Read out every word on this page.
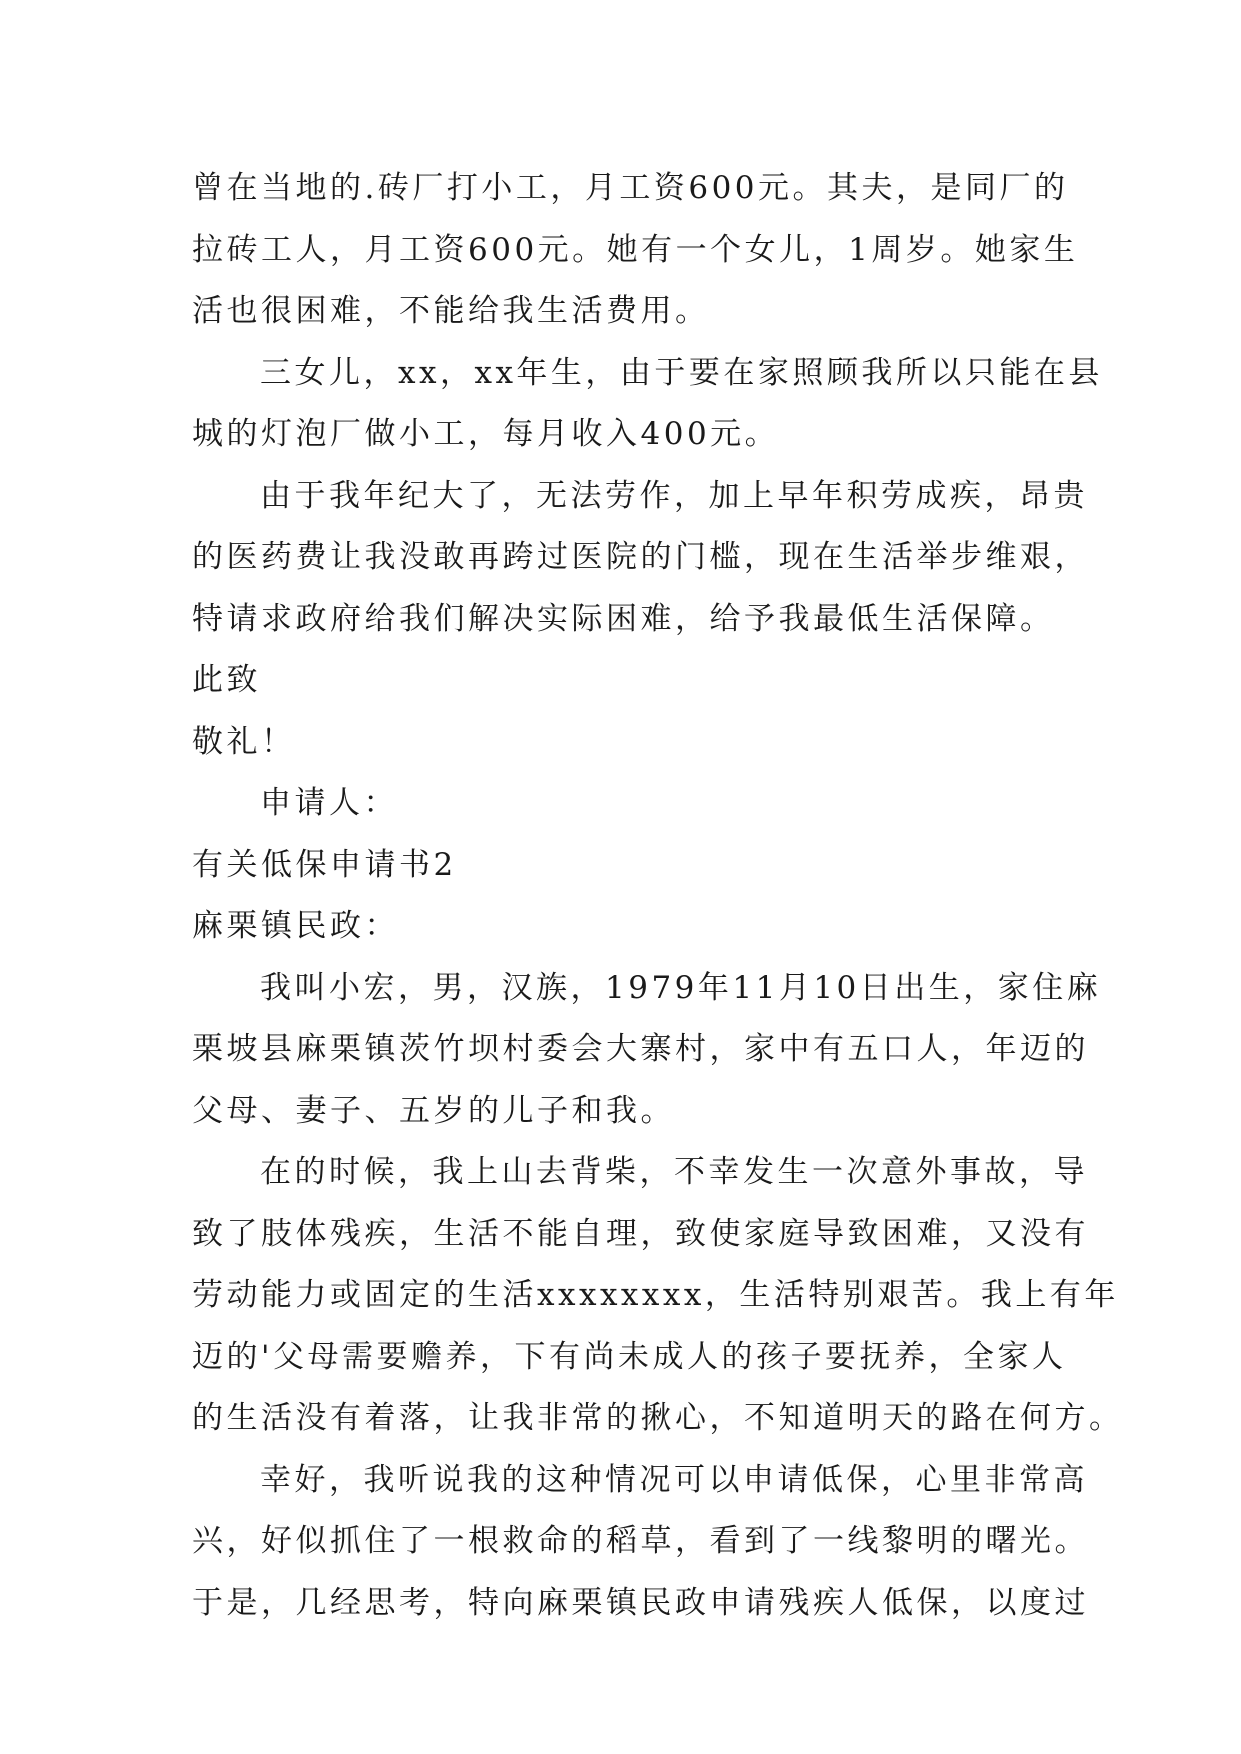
曾在当地的.砖厂打小工，月工资600元。其夫，是同厂的
拉砖工人，月工资600元。她有一个女儿，1周岁。她家生
活也很困难，不能给我生活费用。
三女儿，xx，xx年生，由于要在家照顾我所以只能在县
城的灯泡厂做小工，每月收入400元。
由于我年纪大了，无法劳作，加上早年积劳成疾，昂贵
的医药费让我没敢再跨过医院的门槛，现在生活举步维艰，
特请求政府给我们解决实际困难，给予我最低生活保障。
此致
敬礼！
申请人：
有关低保申请书2
麻栗镇民政：
我叫小宏，男，汉族，1979年11月10日出生，家住麻
栗坡县麻栗镇茨竹坝村委会大寨村，家中有五口人，年迈的
父母、妻子、五岁的儿子和我。
在的时候，我上山去背柴，不幸发生一次意外事故，导
致了肢体残疾，生活不能自理，致使家庭导致困难，又没有
劳动能力或固定的生活xxxxxxxx，生活特别艰苦。我上有年
迈的'父母需要赡养，下有尚未成人的孩子要抚养，全家人
的生活没有着落，让我非常的揪心，不知道明天的路在何方。
幸好，我听说我的这种情况可以申请低保，心里非常高
兴，好似抓住了一根救命的稻草，看到了一线黎明的曙光。
于是，几经思考，特向麻栗镇民政申请残疾人低保，以度过
